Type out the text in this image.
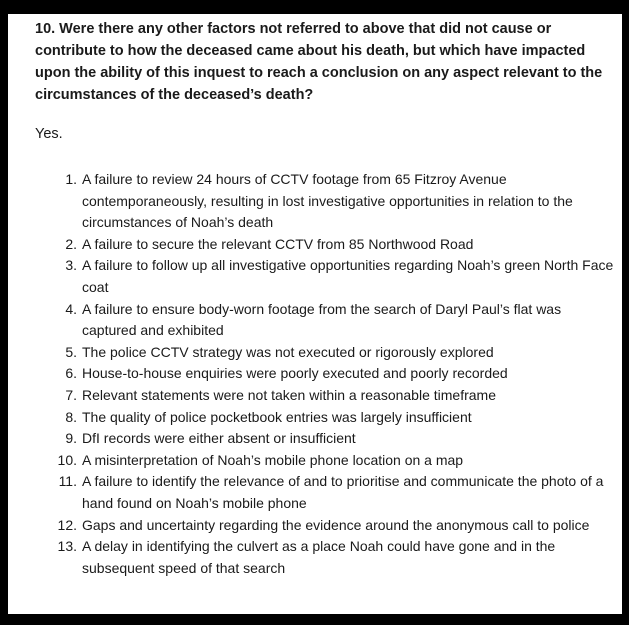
10. Were there any other factors not referred to above that did not cause or contribute to how the deceased came about his death, but which have impacted upon the ability of this inquest to reach a conclusion on any aspect relevant to the circumstances of the deceased’s death?

Yes.

1. A failure to review 24 hours of CCTV footage from 65 Fitzroy Avenue contemporaneously, resulting in lost investigative opportunities in relation to the circumstances of Noah’s death
2. A failure to secure the relevant CCTV from 85 Northwood Road
3. A failure to follow up all investigative opportunities regarding Noah’s green North Face coat
4. A failure to ensure body-worn footage from the search of Daryl Paul’s flat was captured and exhibited
5. The police CCTV strategy was not executed or rigorously explored
6. House-to-house enquiries were poorly executed and poorly recorded
7. Relevant statements were not taken within a reasonable timeframe
8. The quality of police pocketbook entries was largely insufficient
9. DfI records were either absent or insufficient
10. A misinterpretation of Noah’s mobile phone location on a map
11. A failure to identify the relevance of and to prioritise and communicate the photo of a hand found on Noah’s mobile phone
12. Gaps and uncertainty regarding the evidence around the anonymous call to police
13. A delay in identifying the culvert as a place Noah could have gone and in the subsequent speed of that search
